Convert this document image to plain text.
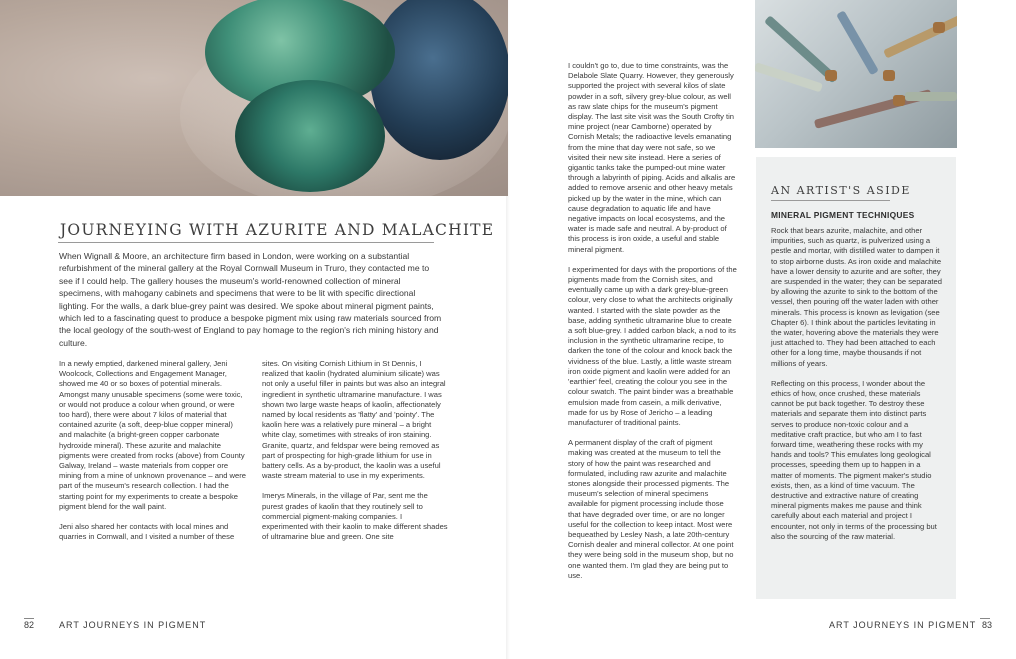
JOURNEYING WITH AZURITE AND MALACHITE
When Wignall & Moore, an architecture firm based in London, were working on a substantial refurbishment of the mineral gallery at the Royal Cornwall Museum in Truro, they contacted me to see if I could help. The gallery houses the museum's world-renowned collection of mineral specimens, with mahogany cabinets and specimens that were to be lit with specific directional lighting. For the walls, a dark blue-grey paint was desired. We spoke about mineral pigment paints, which led to a fascinating quest to produce a bespoke pigment mix using raw materials sourced from the local geology of the south-west of England to pay homage to the region's rich mining history and culture.

In a newly emptied, darkened mineral gallery, Jeni Woolcock, Collections and Engagement Manager, showed me 40 or so boxes of potential minerals. Amongst many unusable specimens (some were toxic, or would not produce a colour when ground, or were too hard), there were about 7 kilos of material that contained azurite (a soft, deep-blue copper mineral) and malachite (a bright-green copper carbonate hydroxide mineral). These azurite and malachite pigments were created from rocks (above) from County Galway, Ireland – waste materials from copper ore mining from a mine of unknown provenance – and were part of the museum's research collection. I had the starting point for my experiments to create a bespoke pigment blend for the wall paint.

Jeni also shared her contacts with local mines and quarries in Cornwall, and I visited a number of these

sites. On visiting Cornish Lithium in St Dennis, I realized that kaolin (hydrated aluminium silicate) was not only a useful filler in paints but was also an integral ingredient in synthetic ultramarine manufacture. I was shown two large waste heaps of kaolin, affectionately named by local residents as 'flatty' and 'pointy'. The kaolin here was a relatively pure mineral – a bright white clay, sometimes with streaks of iron staining. Granite, quartz, and feldspar were being removed as part of prospecting for high-grade lithium for use in battery cells. As a by-product, the kaolin was a useful waste stream material to use in my experiments.

Imerys Minerals, in the village of Par, sent me the purest grades of kaolin that they routinely sell to commercial pigment-making companies. I experimented with their kaolin to make different shades of ultramarine blue and green. One site

82	ART JOURNEYS IN PIGMENT

I couldn't go to, due to time constraints, was the Delabole Slate Quarry. However, they generously supported the project with several kilos of slate powder in a soft, silvery grey-blue colour, as well as raw slate chips for the museum's pigment display. The last site visit was the South Crofty tin mine project (near Camborne) operated by Cornish Metals; the radioactive levels emanating from the mine that day were not safe, so we visited their new site instead. Here a series of gigantic tanks take the pumped-out mine water through a labyrinth of piping. Acids and alkalis are added to remove arsenic and other heavy metals picked up by the water in the mine, which can cause degradation to aquatic life and have negative impacts on local ecosystems, and the water is made safe and neutral. A by-product of this process is iron oxide, a useful and stable mineral pigment.

I experimented for days with the proportions of the pigments made from the Cornish sites, and eventually came up with a dark grey-blue-green colour, very close to what the architects originally wanted. I started with the slate powder as the base, adding synthetic ultramarine blue to create a soft blue-grey. I added carbon black, a nod to its inclusion in the synthetic ultramarine recipe, to darken the tone of the colour and knock back the vividness of the blue. Lastly, a little waste stream iron oxide pigment and kaolin were added for an 'earthier' feel, creating the colour you see in the colour swatch. The paint binder was a breathable emulsion made from casein, a milk derivative, made for us by Rose of Jericho – a leading manufacturer of traditional paints.

A permanent display of the craft of pigment making was created at the museum to tell the story of how the paint was researched and formulated, including raw azurite and malachite stones alongside their processed pigments. The museum's selection of mineral specimens available for pigment processing include those that have degraded over time, or are no longer useful for the collection to keep intact. Most were bequeathed by Lesley Nash, a late 20th-century Cornish dealer and mineral collector. At one point they were being sold in the museum shop, but no one wanted them. I'm glad they are being put to use.

AN ARTIST'S ASIDE
MINERAL PIGMENT TECHNIQUES

Rock that bears azurite, malachite, and other impurities, such as quartz, is pulverized using a pestle and mortar, with distilled water to dampen it to stop airborne dusts. As iron oxide and malachite have a lower density to azurite and are softer, they are suspended in the water; they can be separated by allowing the azurite to sink to the bottom of the vessel, then pouring off the water laden with other minerals. This process is known as levigation (see Chapter 6). I think about the particles levitating in the water, hovering above the materials they were just attached to. They had been attached to each other for a long time, maybe thousands if not millions of years.

Reflecting on this process, I wonder about the ethics of how, once crushed, these materials cannot be put back together. To destroy these materials and separate them into distinct parts serves to produce non-toxic colour and a meditative craft practice, but who am I to fast forward time, weathering these rocks with my hands and tools? This emulates long geological processes, speeding them up to happen in a matter of moments. The pigment maker's studio exists, then, as a kind of time vacuum. The destructive and extractive nature of creating mineral pigments makes me pause and think carefully about each material and project I encounter, not only in terms of the processing but also the sourcing of the raw material.

ART JOURNEYS IN PIGMENT 83
